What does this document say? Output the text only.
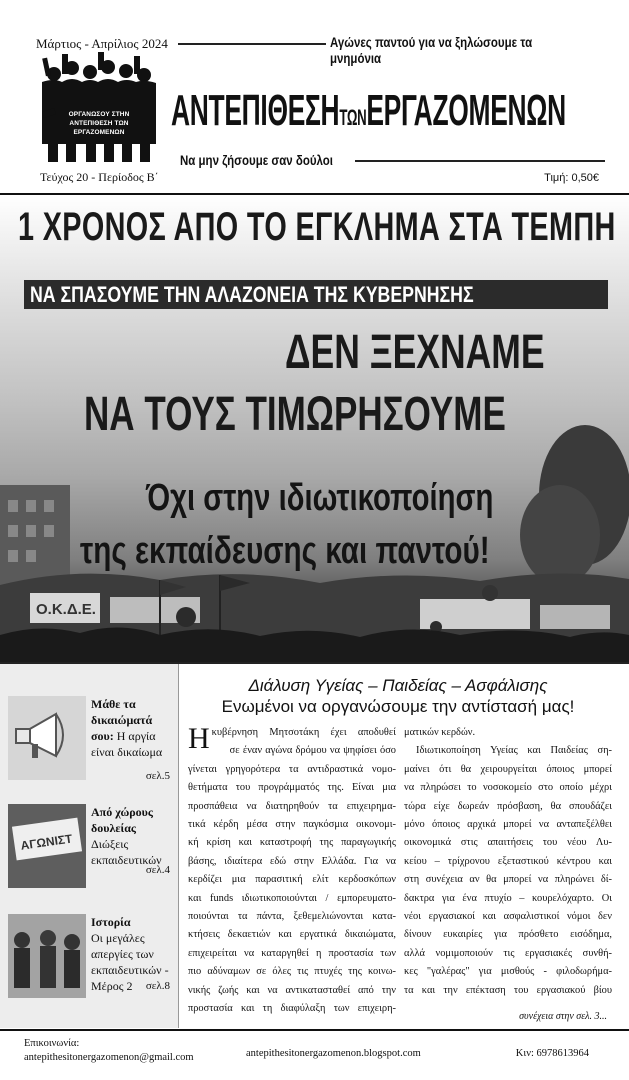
Μάρτιος - Απρίλιος 2024
ΟΡΓΑΝΩΣΟΥ ΣΤΗΝ
ΑΝΤΕΠΙΘΕΣΗ ΤΩΝ ΕΡΓΑΖΟΜΕΝΩΝ
Αγώνες παντού για να ξηλώσουμε τα μνημόνια
ΑΝΤΕΠΙΘΕΣΗΤΩΝΕΡΓΑΖΟΜΕΝΩΝ
Να μην ζήσουμε σαν δούλοι
Τεύχος 20 - Περίοδος Β΄	Τιμή: 0,50€
Ο.Κ.Δ.Ε.
1 ΧΡΟΝΟΣ ΑΠΟ ΤΟ ΕΓΚΛΗΜΑ ΣΤΑ ΤΕΜΠΗ
ΝΑ ΣΠΑΣΟΥΜΕ ΤΗΝ ΑΛΑΖΟΝΕΙΑ ΤΗΣ ΚΥΒΕΡΝΗΣΗΣ
ΔΕΝ ΞΕΧΝΑΜΕ
ΝΑ ΤΟΥΣ ΤΙΜΩΡΗΣΟΥΜΕ
Όχι στην ιδιωτικοποίηση
της εκπαίδευσης και παντού!
Μάθε τα δικαιώματά σου: Η αργία είναι δικαίωμα
σελ.5
ΑΓΩΝΙΣΤ
Από χώρους δουλείας
Διώξεις εκπαιδευτικών
σελ.4
Ιστορία
Οι μεγάλες απεργίες των εκπαιδευτικών - Μέρος 2	σελ.8
Διάλυση Υγείας – Παιδείας – Ασφάλισης
Ενωμένοι να οργανώσουμε την αντίστασή μας!
Ηκυβέρνηση Μητσοτάκη έχει αποδυθεί
σε έναν αγώνα δρόμου να ψηφίσει όσο
γίνεται γρηγορότερα τα αντιδραστικά νομο-
θετήματα του προγράμματός της. Είναι μια
προσπάθεια να διατηρηθούν τα επιχειρημα-
τικά κέρδη μέσα στην παγκόσμια οικονομι-
κή κρίση και καταστροφή της παραγωγικής
βάσης, ιδιαίτερα εδώ στην Ελλάδα. Για να
κερδίζει μια παρασιτική ελίτ κερδοσκόπων
και funds ιδιωτικοποιούνται / εμπορευματο-
ποιούνται τα πάντα, ξεθεμελιώνονται κατα-
κτήσεις δεκαετιών και εργατικά δικαιώματα,
επιχειρείται να καταργηθεί η προστασία των
πιο αδύναμων σε όλες τις πτυχές της κοινω-
νικής ζωής και να αντικατασταθεί από την
προστασία και τη διαφύλαξη των επιχειρη-
ματικών κερδών.
Ιδιωτικοποίηση Υγείας και Παιδείας ση-
μαίνει ότι θα χειρουργείται όποιος μπορεί
να πληρώσει το νοσοκομείο στο οποίο μέχρι
τώρα είχε δωρεάν πρόσβαση, θα σπουδάζει
μόνο όποιος αρχικά μπορεί να ανταπεξέλθει
οικονομικά στις απαιτήσεις του νέου Λυ-
κείου – τρίχρονου εξεταστικού κέντρου και
στη συνέχεια αν θα μπορεί να πληρώνει δί-
δακτρα για ένα πτυχίο – κουρελόχαρτο. Οι
νέοι εργασιακοί και ασφαλιστικοί νόμοι δεν
δίνουν ευκαιρίες για πρόσθετο εισόδημα,
αλλά νομιμοποιούν τις εργασιακές συνθή-
κες "γαλέρας" για μισθούς - φιλοδωρήμα-
τα και την επέκταση του εργασιακού βίου
συνέχεια στην σελ. 3...
Επικοινωνία:
antepithesitonergazomenon@gmail.com	antepithesitonergazomenon.blogspot.com	Κιν: 6978613964
